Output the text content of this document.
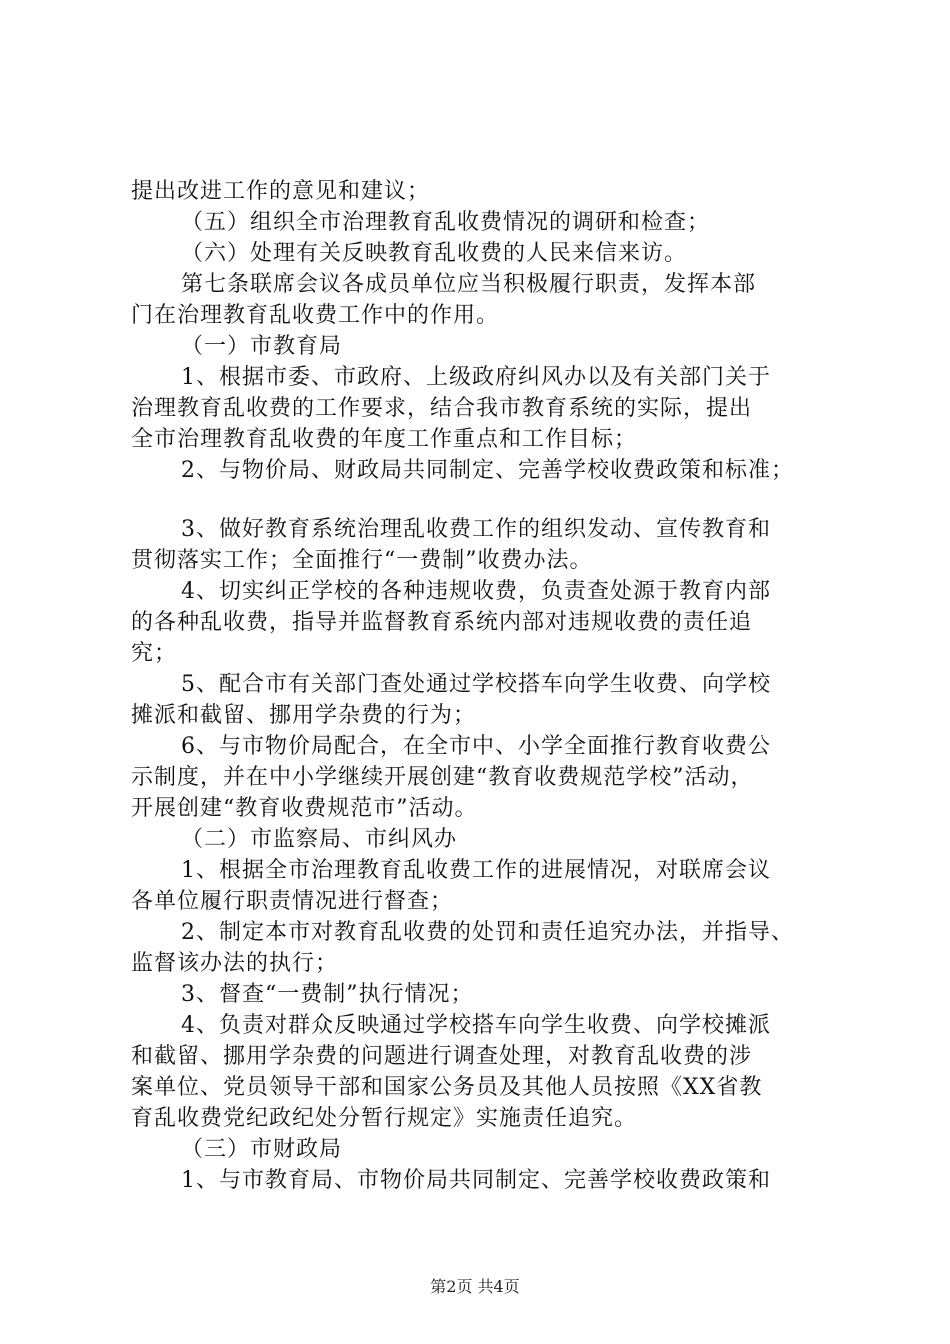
提出改进工作的意见和建议；
（五）组织全市治理教育乱收费情况的调研和检查；
（六）处理有关反映教育乱收费的人民来信来访。
第七条联席会议各成员单位应当积极履行职责，发挥本部
门在治理教育乱收费工作中的作用。
（一）市教育局
1、根据市委、市政府、上级政府纠风办以及有关部门关于
治理教育乱收费的工作要求，结合我市教育系统的实际，提出
全市治理教育乱收费的年度工作重点和工作目标；
2、与物价局、财政局共同制定、完善学校收费政策和标准；
3、做好教育系统治理乱收费工作的组织发动、宣传教育和
贯彻落实工作；全面推行“一费制”收费办法。
4、切实纠正学校的各种违规收费，负责查处源于教育内部
的各种乱收费，指导并监督教育系统内部对违规收费的责任追
究；
5、配合市有关部门查处通过学校搭车向学生收费、向学校
摊派和截留、挪用学杂费的行为；
6、与市物价局配合，在全市中、小学全面推行教育收费公
示制度，并在中小学继续开展创建“教育收费规范学校”活动，
开展创建“教育收费规范市”活动。
（二）市监察局、市纠风办
1、根据全市治理教育乱收费工作的进展情况，对联席会议
各单位履行职责情况进行督查；
2、制定本市对教育乱收费的处罚和责任追究办法，并指导、
监督该办法的执行；
3、督查“一费制”执行情况；
4、负责对群众反映通过学校搭车向学生收费、向学校摊派
和截留、挪用学杂费的问题进行调查处理，对教育乱收费的涉
案单位、党员领导干部和国家公务员及其他人员按照《XX省教
育乱收费党纪政纪处分暂行规定》实施责任追究。
（三）市财政局
1、与市教育局、市物价局共同制定、完善学校收费政策和
第2页 共4页
